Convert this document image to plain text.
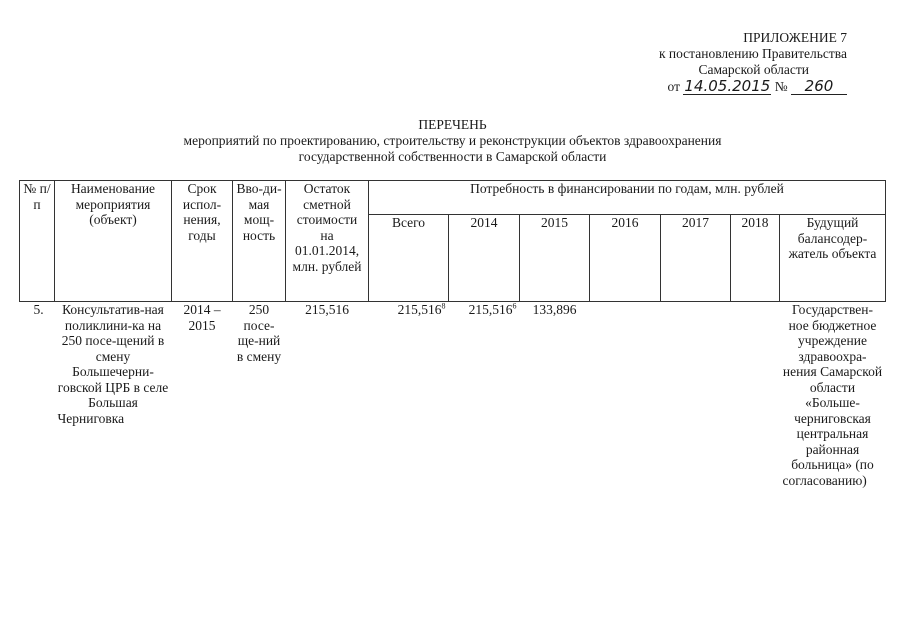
ПРИЛОЖЕНИЕ 7
к постановлению Правительства
Самарской области
от 14.05.2015 № 260
ПЕРЕЧЕНЬ
мероприятий по проектированию, строительству и реконструкции объектов здравоохранения
государственной собственности в Самарской области
№ п/п	Наименование мероприятия (объект)	Срок испол-нения, годы	Вво-ди-мая мощ-ность	Остаток сметной стоимости на 01.01.2014, млн. рублей	Потребность в финансировании по годам, млн. рублей						
					Всего	2014	2015	2016	2017	2018	Будущий балансодер-жатель объекта
5.	Консультатив-ная поликлини-ка на 250 посе-щений в смену Большечерни-говской ЦРБ в селе Большая Черниговка	2014 – 2015	250 посе-ще-ний в смену	215,516	215,516$^8$	215,516$^6$	133,896				Государствен-ное бюджетное учреждение здравоохра-нения Самарской области «Больше-черниговская центральная районная больница» (по согласованию)
